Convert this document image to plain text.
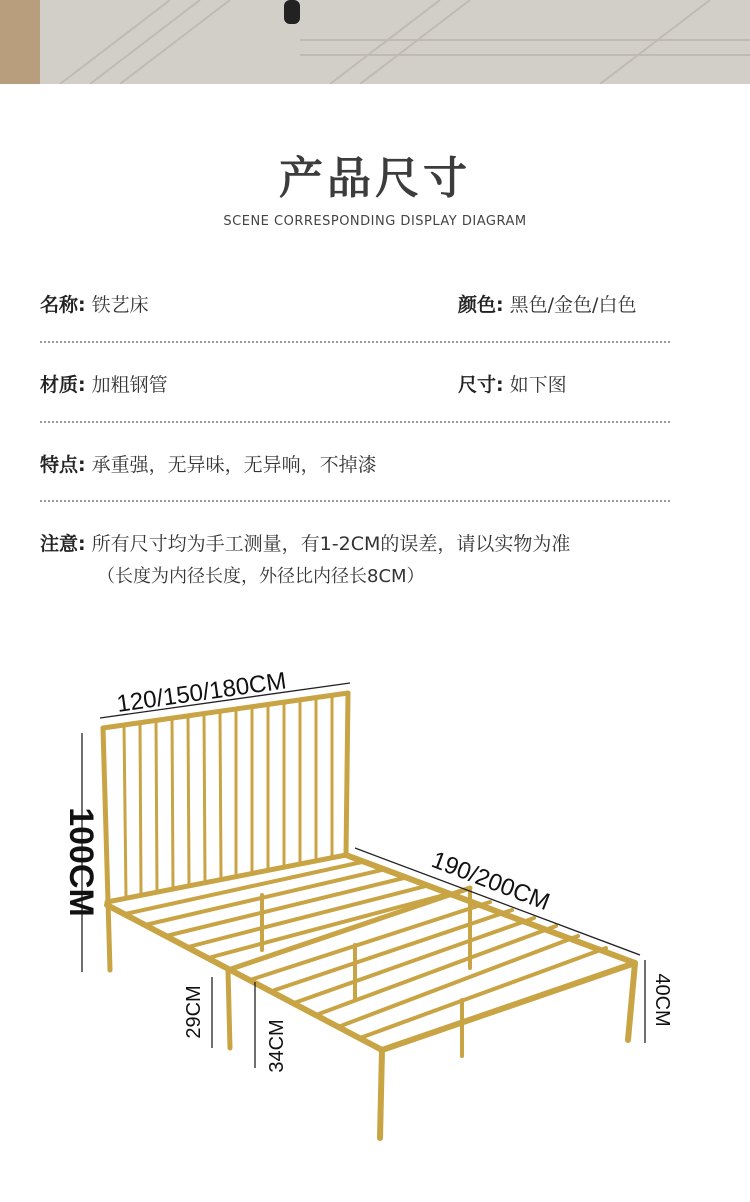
产品尺寸
SCENE CORRESPONDING DISPLAY DIAGRAM
名称: 铁艺床	颜色: 黑色/金色/白色
材质: 加粗钢管	尺寸: 如下图
特点: 承重强，无异味，无异响，不掉漆
注意: 所有尺寸均为手工测量，有1-2CM的误差，请以实物为准
（长度为内径长度，外径比内径长8CM）
120/150/180CM
100CM	190/200CM
29CM
34CM
40CM
